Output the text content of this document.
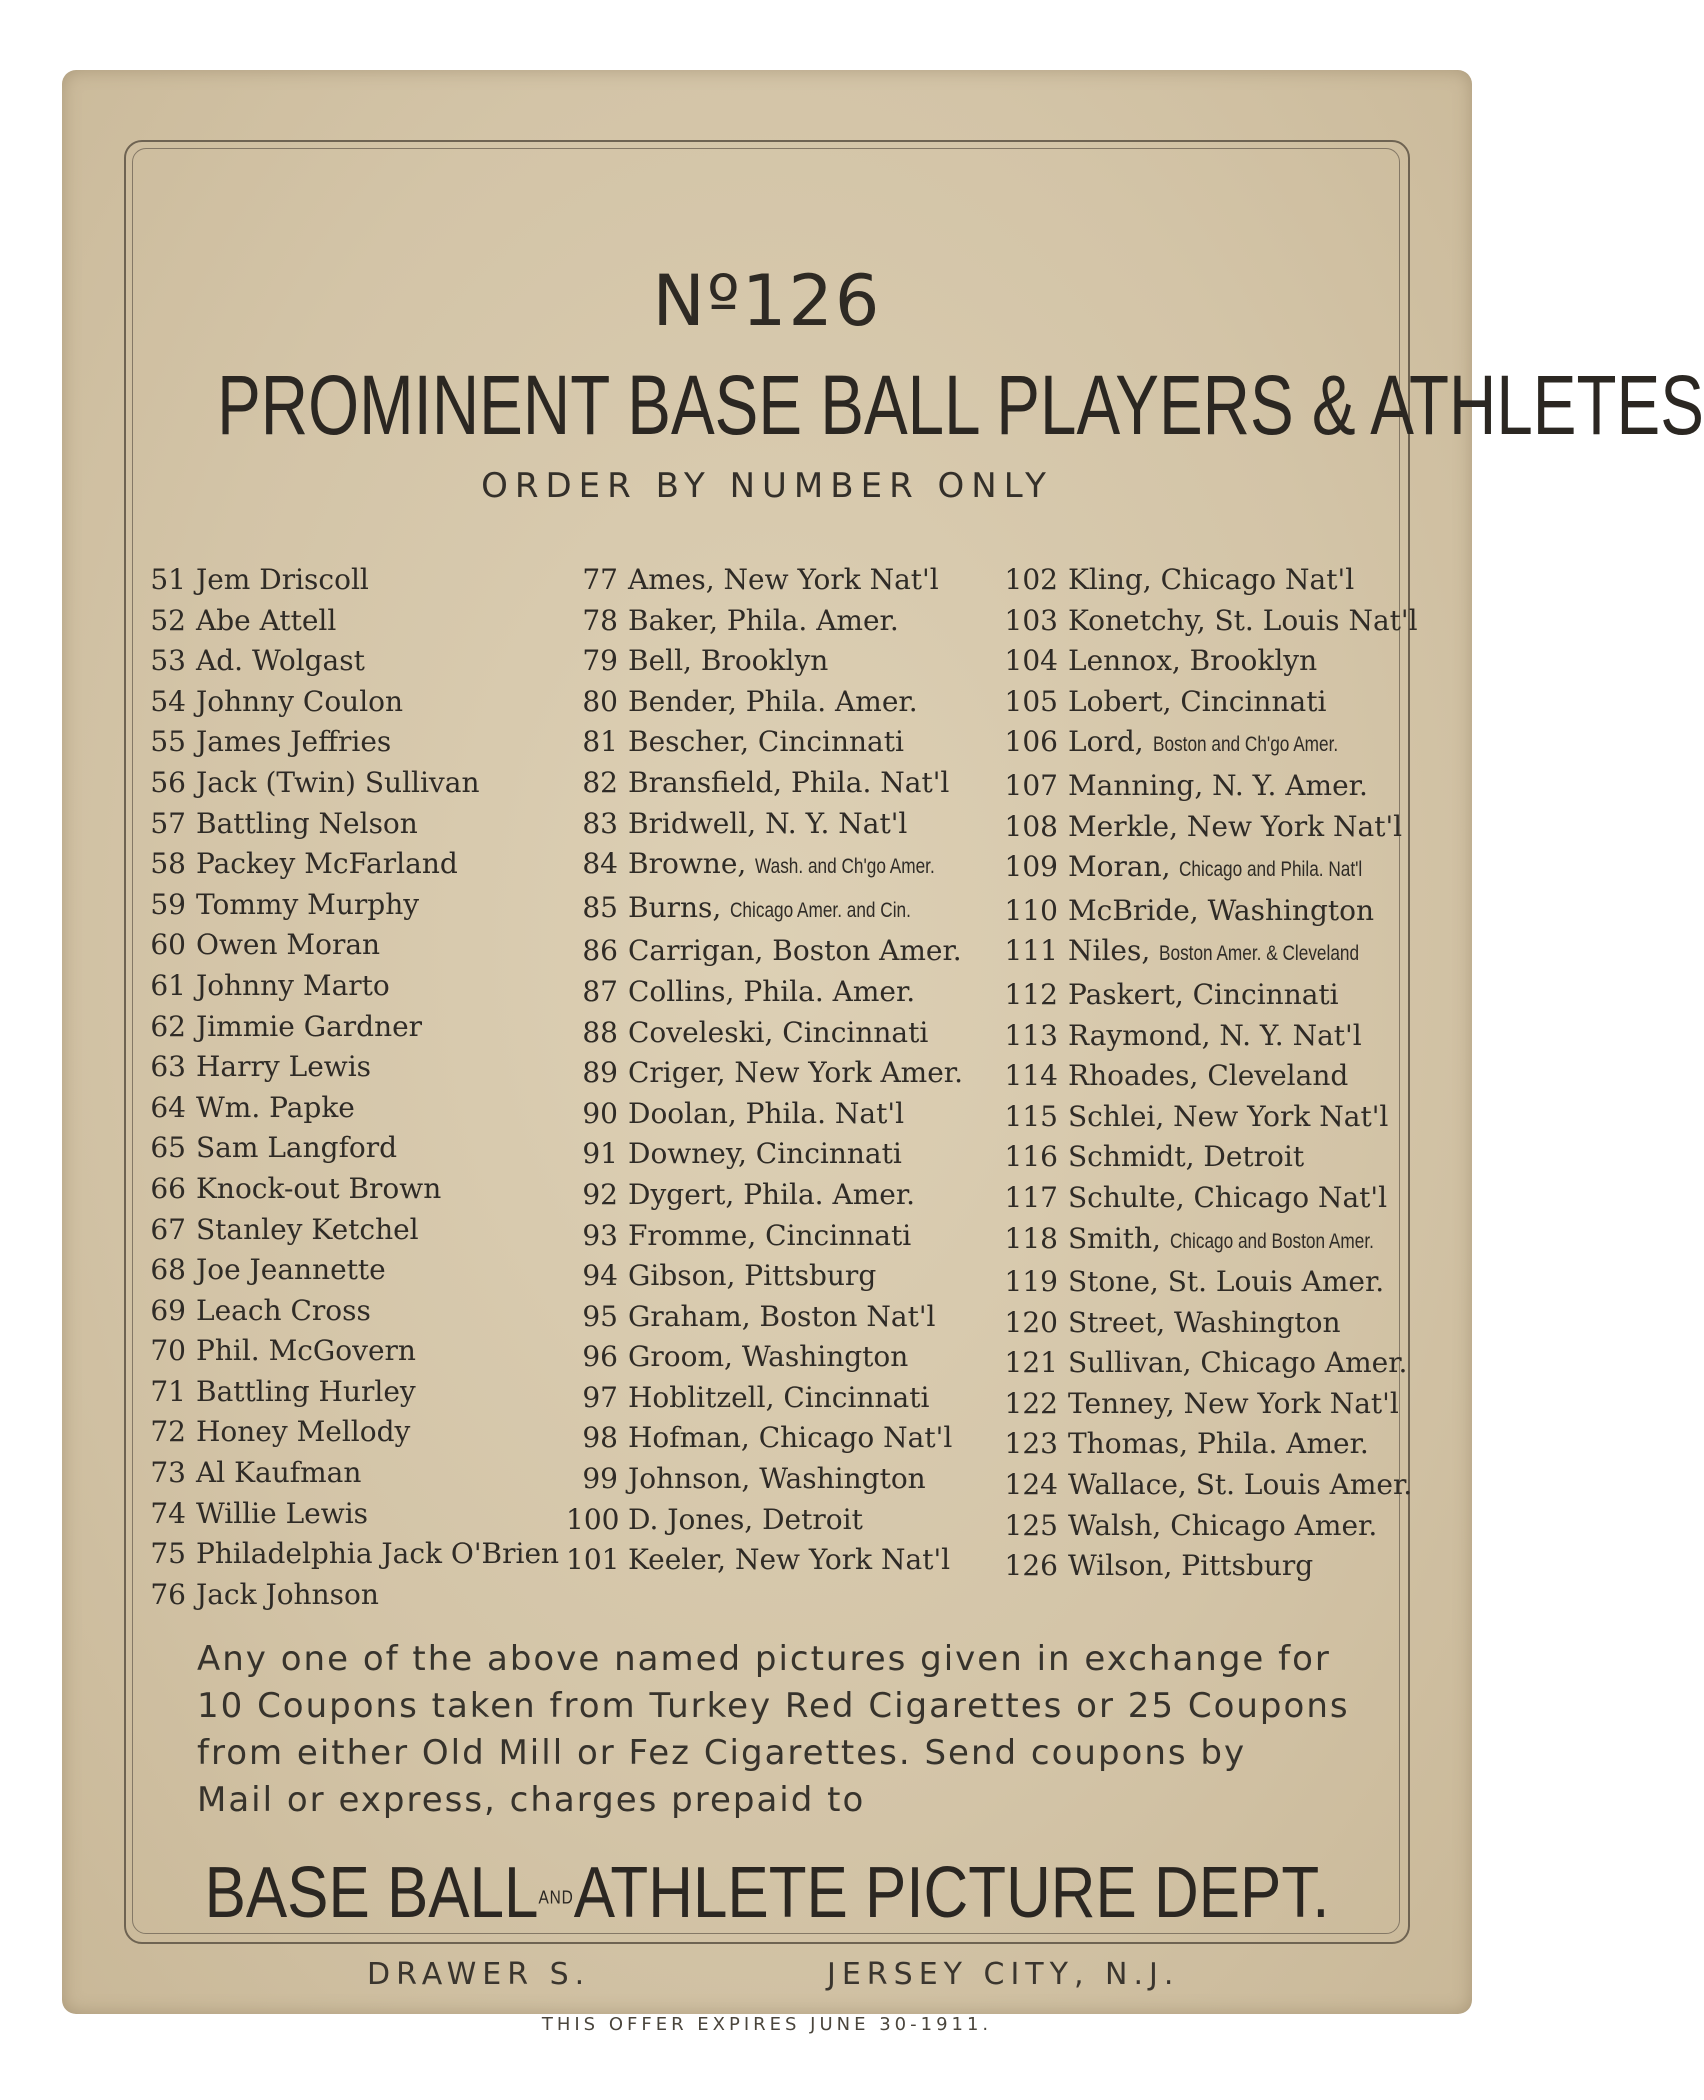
Nº126
PROMINENT BASE BALL PLAYERS & ATHLETES
ORDER BY NUMBER ONLY
51 Jem Driscoll
52 Abe Attell
53 Ad. Wolgast
54 Johnny Coulon
55 James Jeffries
56 Jack (Twin) Sullivan
57 Battling Nelson
58 Packey McFarland
59 Tommy Murphy
60 Owen Moran
61 Johnny Marto
62 Jimmie Gardner
63 Harry Lewis
64 Wm. Papke
65 Sam Langford
66 Knock-out Brown
67 Stanley Ketchel
68 Joe Jeannette
69 Leach Cross
70 Phil. McGovern
71 Battling Hurley
72 Honey Mellody
73 Al Kaufman
74 Willie Lewis
75 Philadelphia Jack O'Brien
76 Jack Johnson
77 Ames, New York Nat'l
78 Baker, Phila. Amer.
79 Bell, Brooklyn
80 Bender, Phila. Amer.
81 Bescher, Cincinnati
82 Bransfield, Phila. Nat'l
83 Bridwell, N. Y. Nat'l
84 Browne, Wash. and Ch'go Amer.
85 Burns, Chicago Amer. and Cin.
86 Carrigan, Boston Amer.
87 Collins, Phila. Amer.
88 Coveleski, Cincinnati
89 Criger, New York Amer.
90 Doolan, Phila. Nat'l
91 Downey, Cincinnati
92 Dygert, Phila. Amer.
93 Fromme, Cincinnati
94 Gibson, Pittsburg
95 Graham, Boston Nat'l
96 Groom, Washington
97 Hoblitzell, Cincinnati
98 Hofman, Chicago Nat'l
99 Johnson, Washington
100 D. Jones, Detroit
101 Keeler, New York Nat'l
102 Kling, Chicago Nat'l
103 Konetchy, St. Louis Nat'l
104 Lennox, Brooklyn
105 Lobert, Cincinnati
106 Lord, Boston and Ch'go Amer.
107 Manning, N. Y. Amer.
108 Merkle, New York Nat'l
109 Moran, Chicago and Phila. Nat'l
110 McBride, Washington
111 Niles, Boston Amer. & Cleveland
112 Paskert, Cincinnati
113 Raymond, N. Y. Nat'l
114 Rhoades, Cleveland
115 Schlei, New York Nat'l
116 Schmidt, Detroit
117 Schulte, Chicago Nat'l
118 Smith, Chicago and Boston Amer.
119 Stone, St. Louis Amer.
120 Street, Washington
121 Sullivan, Chicago Amer.
122 Tenney, New York Nat'l
123 Thomas, Phila. Amer.
124 Wallace, St. Louis Amer.
125 Walsh, Chicago Amer.
126 Wilson, Pittsburg
Any one of the above named pictures given in exchange for
10 Coupons taken from Turkey Red Cigarettes or 25 Coupons
from either Old Mill or Fez Cigarettes. Send coupons by
Mail or express, charges prepaid to
BASE BALLANDATHLETE PICTURE DEPT.
DRAWER S.	JERSEY CITY, N.J.
THIS OFFER EXPIRES JUNE 30-1911.
